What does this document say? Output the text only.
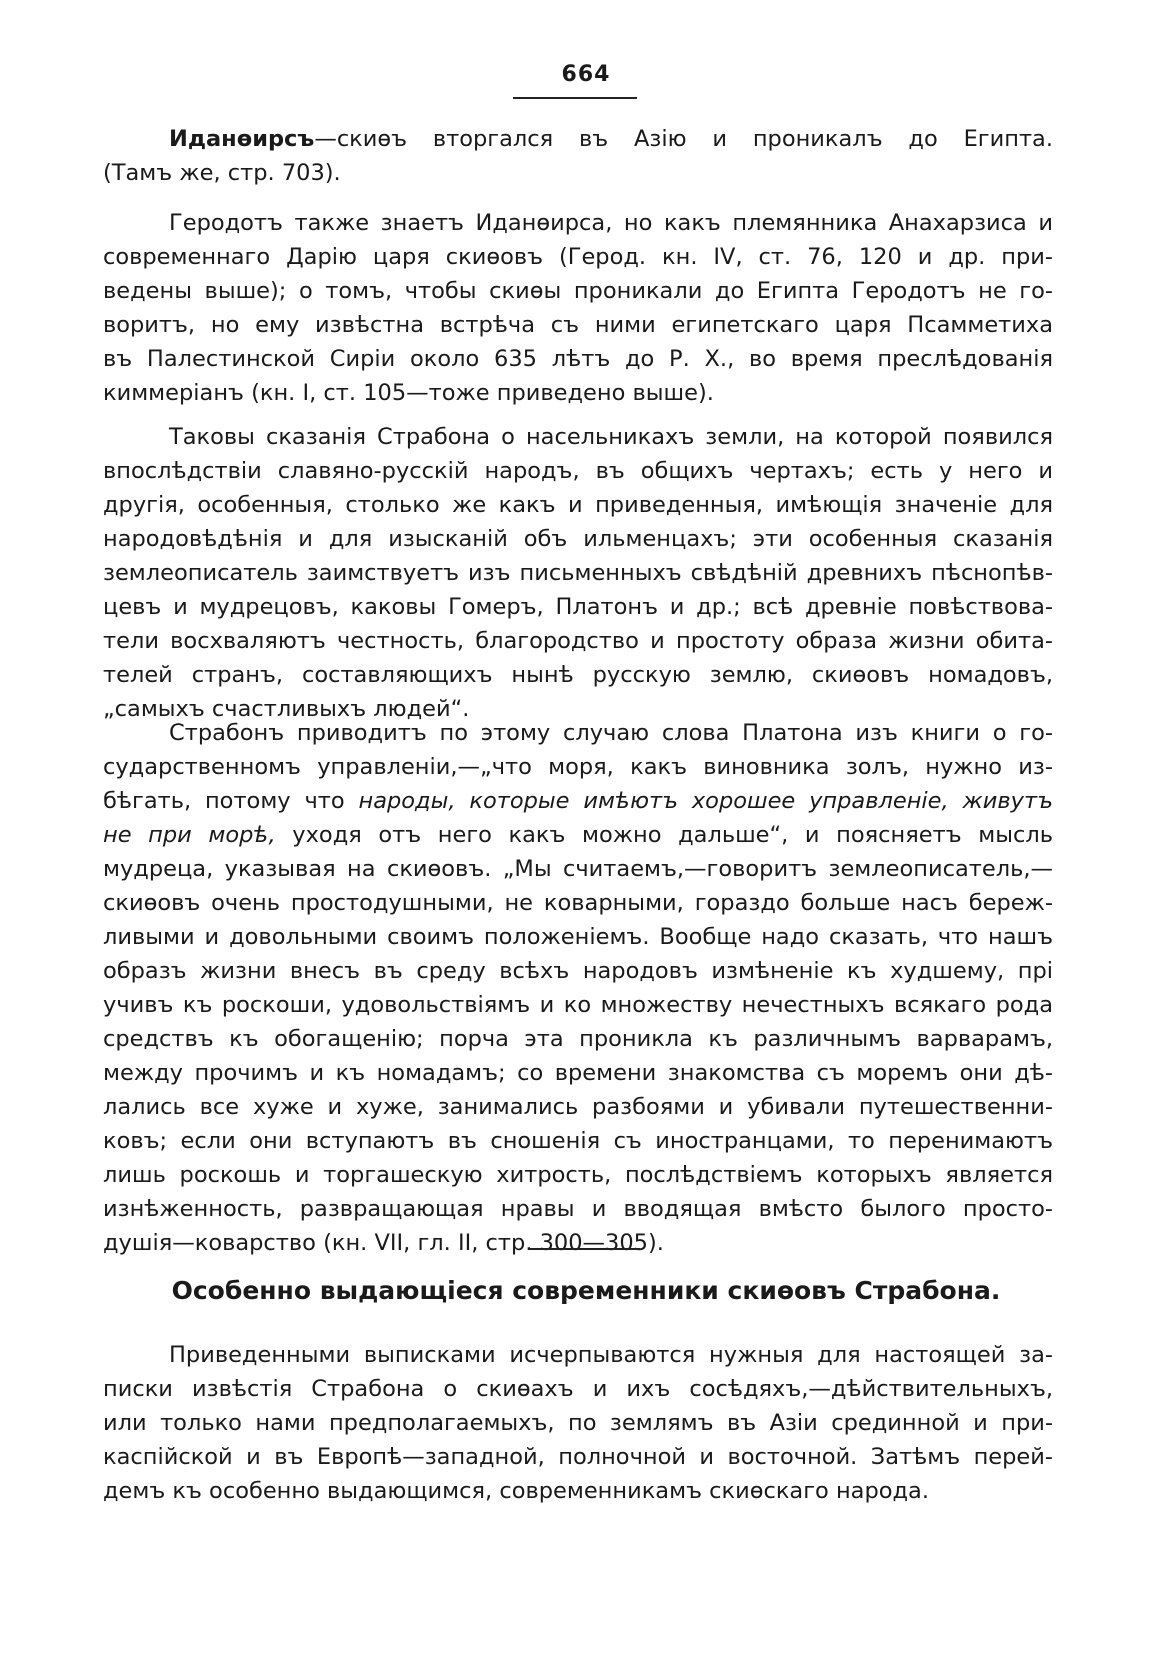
664
Иданөирсъ—скиөъ вторгался въ Азію и проникалъ до Египта.
(Тамъ же, стр. 703).
Геродотъ также знаетъ Иданөирса, но какъ племянника Анахарзиса и
современнаго Дарію царя скиөовъ (Герод. кн. IV, ст. 76, 120 и др. при-
ведены выше); о томъ, чтобы скиөы проникали до Египта Геродотъ не го-
воритъ, но ему извѣстна встрѣча съ ними египетскаго царя Псамметиха
въ Палестинской Сиріи около 635 лѣтъ до Р. Х., во время преслѣдованія
киммеріанъ (кн. I, ст. 105—тоже приведено выше).
Таковы сказанія Страбона о насельникахъ земли, на которой появился
впослѣдствіи славяно-русскій народъ, въ общихъ чертахъ; есть у него и
другія, особенныя, столько же какъ и приведенныя, имѣющія значеніе для
народовѣдѣнія и для изысканій объ ильменцахъ; эти особенныя сказанія
землеописатель заимствуетъ изъ письменныхъ свѣдѣній древнихъ пѣснопѣв-
цевъ и мудрецовъ, каковы Гомеръ, Платонъ и др.; всѣ древніе повѣствова-
тели восхваляютъ честность, благородство и простоту образа жизни обита-
телей странъ, составляющихъ нынѣ русскую землю, скиөовъ номадовъ,
„самыхъ счастливыхъ людей“.
Страбонъ приводитъ по этому случаю слова Платона изъ книги о го-
сударственномъ управленіи,—„что моря, какъ виновника золъ, нужно из-
бѣгать, потому что народы, которые имѣютъ хорошее управленіе, живутъ
не при морѣ, уходя отъ него какъ можно дальше“, и поясняетъ мысль
мудреца, указывая на скиөовъ. „Мы считаемъ,—говоритъ землеописатель,—
скиөовъ очень простодушными, не коварными, гораздо больше насъ береж-
ливыми и довольными своимъ положеніемъ. Вообще надо сказать, что нашъ
образъ жизни внесъ въ среду всѣхъ народовъ измѣненіе къ худшему, прі
учивъ къ роскоши, удовольствіямъ и ко множеству нечестныхъ всякаго рода
средствъ къ обогащенію; порча эта проникла къ различнымъ варварамъ,
между прочимъ и къ номадамъ; со времени знакомства съ моремъ они дѣ-
лались все хуже и хуже, занимались разбоями и убивали путешественни-
ковъ; если они вступаютъ въ сношенія съ иностранцами, то перенимаютъ
лишь роскошь и торгашескую хитрость, послѣдствіемъ которыхъ является
изнѣженность, развращающая нравы и вводящая вмѣсто былого просто-
душія—коварство (кн. VII, гл. II, стр. 300—305).
Особенно выдающіеся современники скиөовъ Страбона.
Приведенными выписками исчерпываются нужныя для настоящей за-
писки извѣстія Страбона о скиөахъ и ихъ сосѣдяхъ,—дѣйствительныхъ,
или только нами предполагаемыхъ, по землямъ въ Азіи срединной и при-
каспійской и въ Европѣ—западной, полночной и восточной. Затѣмъ перей-
демъ къ особенно выдающимся, современникамъ скиөскаго народа.
